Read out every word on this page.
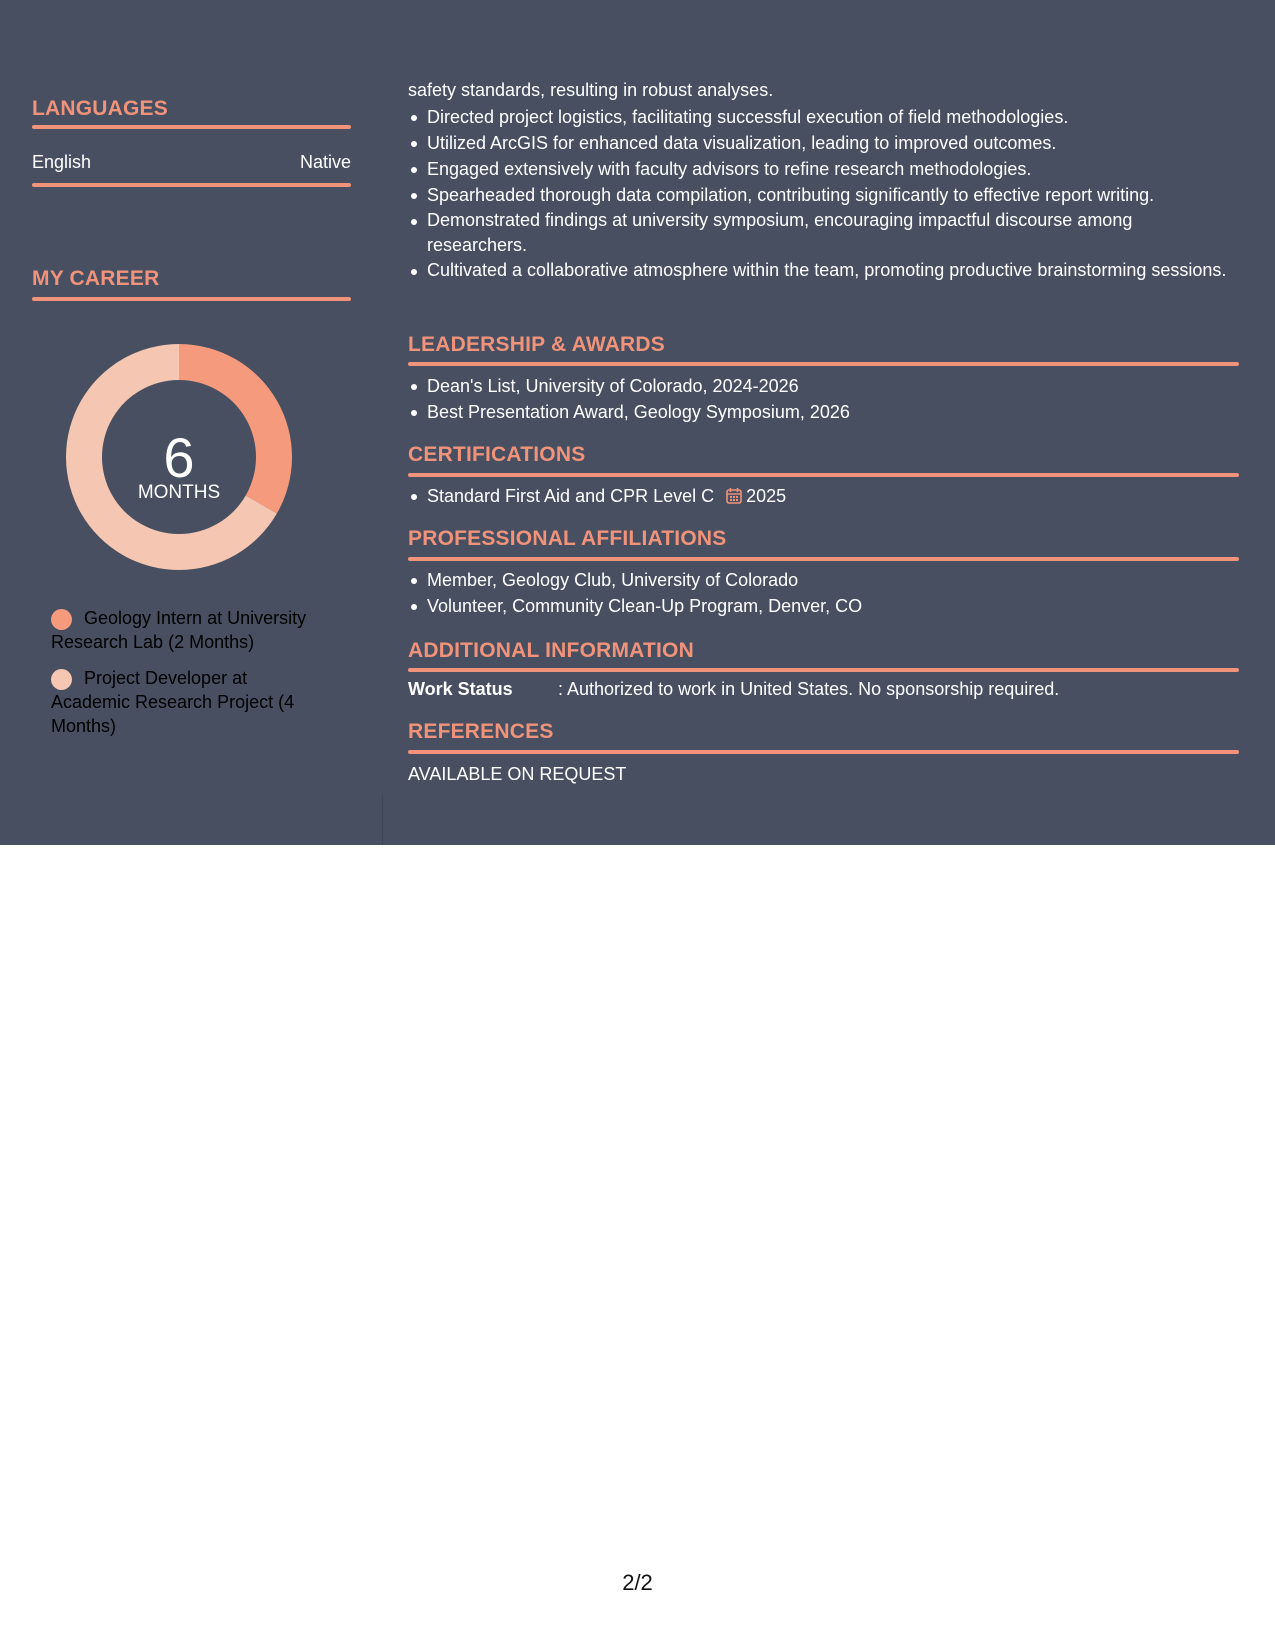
LANGUAGES
English	Native
MY CAREER
6
MONTHS
Geology Intern at University Research Lab (2 Months)
Project Developer at Academic Research Project (4 Months)
safety standards, resulting in robust analyses.
Directed project logistics, facilitating successful execution of field methodologies.
Utilized ArcGIS for enhanced data visualization, leading to improved outcomes.
Engaged extensively with faculty advisors to refine research methodologies.
Spearheaded thorough data compilation, contributing significantly to effective report writing.
Demonstrated findings at university symposium, encouraging impactful discourse among researchers.
Cultivated a collaborative atmosphere within the team, promoting productive brainstorming sessions.
LEADERSHIP & AWARDS
Dean's List, University of Colorado, 2024-2026
Best Presentation Award, Geology Symposium, 2026
CERTIFICATIONS
Standard First Aid and CPR Level C 2025
PROFESSIONAL AFFILIATIONS
Member, Geology Club, University of Colorado
Volunteer, Community Clean-Up Program, Denver, CO
ADDITIONAL INFORMATION
Work Status	: Authorized to work in United States. No sponsorship required.
REFERENCES
AVAILABLE ON REQUEST
2/2
